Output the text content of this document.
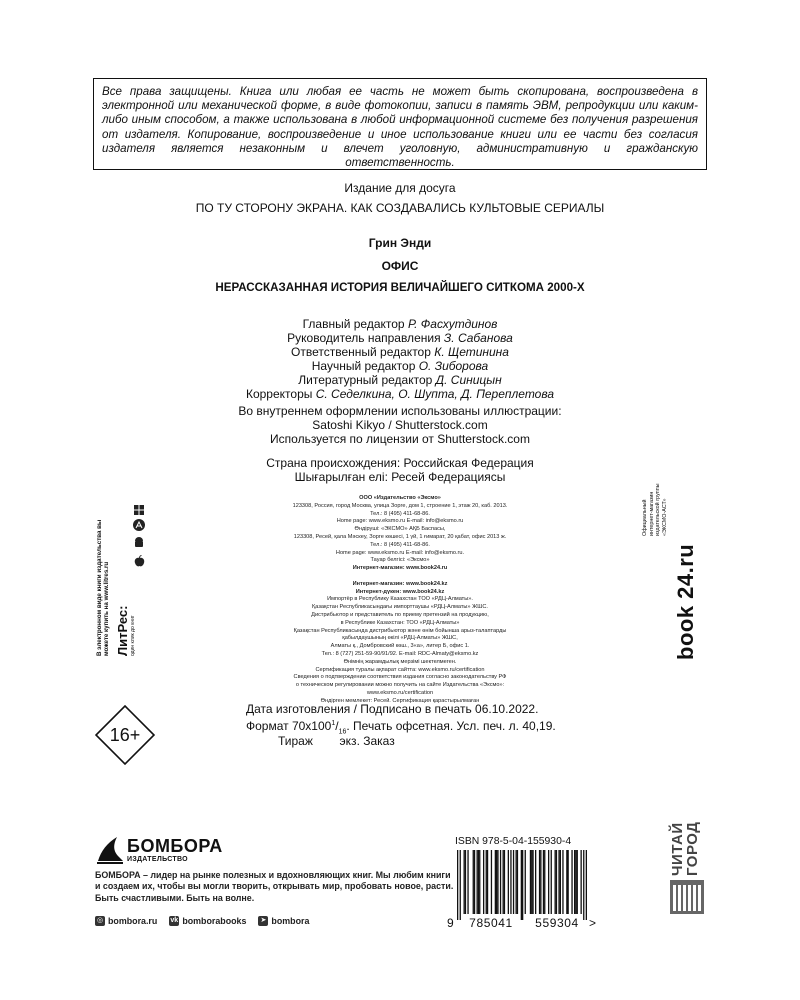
Все права защищены. Книга или любая ее часть не может быть скопирована, воспроизведена в электронной или механической форме, в виде фотокопии, записи в память ЭВМ, репродукции или каким-либо иным способом, а также использована в любой информационной системе без получения разрешения от издателя. Копирование, воспроизведение и иное использование книги или ее части без согласия издателя является незаконным и влечет уголовную, административную и гражданскую ответственность.
Издание для досуга
ПО ТУ СТОРОНУ ЭКРАНА. КАК СОЗДАВАЛИСЬ КУЛЬТОВЫЕ СЕРИАЛЫ
Грин Энди
ОФИС
НЕРАССКАЗАННАЯ ИСТОРИЯ ВЕЛИЧАЙШЕГО СИТКОМА 2000-Х
Главный редактор Р. Фасхутдинов
Руководитель направления З. Сабанова
Ответственный редактор К. Щетинина
Научный редактор О. Зиборова
Литературный редактор Д. Синицын
Корректоры С. Седелкина, О. Шупта, Д. Переплетова
Во внутреннем оформлении использованы иллюстрации:
Satoshi Kikyo / Shutterstock.com
Используется по лицензии от Shutterstock.com
Страна происхождения: Российская Федерация
Шығарылған елі: Ресей Федерациясы
ООО «Издательство «Эксмо»
123308, Россия, город Москва, улица Зорге, дом 1, строение 1, этаж 20, каб. 2013.
Тел.: 8 (495) 411-68-86.
Home page: www.eksmo.ru E-mail: info@eksmo.ru
Өндіруші: «ЭКСМО» АҚБ Баспасы,
123308, Ресей, қала Мәскеу, Зорге көшесі, 1 үй, 1 ғимарат, 20 қабат, офис 2013 ж.
Тел.: 8 (495) 411-68-86.
Home page: www.eksmo.ru E-mail: info@eksmo.ru.
Тауар белгісі: «Эксмо»
Интернет-магазин: www.book24.ru
Интернет-магазин: www.book24.kz
Интернет-дүкен: www.book24.kz
Импортёр в Республику Казахстан ТОО «РДЦ-Алматы».
Қазақстан Республикасындағы импорттаушы «РДЦ-Алматы» ЖШС.
Дистрибьютор и представитель по приему претензий на продукцию,
в Республике Казахстан: ТОО «РДЦ-Алматы»
Қазақстан Республикасында дистрибьютор және өнім бойынша арыз-талаптарды
қабылдаушының өкілі «РДЦ-Алматы» ЖШС,
Алматы қ., Домбровский көш., 3«а», литер Б, офис 1.
Тел.: 8 (727) 251-59-90/91/92. E-mail: RDC-Almaty@eksmo.kz
Өнімнің жарамдылық мерзімі шектелмеген.
Сертификация туралы ақпарат сайтта: www.eksmo.ru/certification
Сведения о подтверждении соответствия издания согласно законодательству РФ
о техническом регулировании можно получить на сайте Издательства «Эксмо»:
www.eksmo.ru/certification
Өндірген мемлекет: Ресей. Сертификация қарастырылмаған
Дата изготовления / Подписано в печать 06.10.2022.
Формат $70х100^1/_{16}$. Печать офсетная. Усл. печ. л. 40,19.
Тираж        экз. Заказ
В электронном виде книги издательства вы можете купить на www.litres.ru ЛитРес: один клик до книг
16+
Официальный интернет-магазин издательской группы «ЭКСМО-АСТ»
book 24.ru
ЧИТАЙ ГОРОД
БОМБОРА
ИЗДАТЕЛЬСТВО
БОМБОРА – лидер на рынке полезных и вдохновляющих книг. Мы любим книги и создаем их, чтобы вы могли творить, открывать мир, пробовать новое, расти. Быть счастливыми. Быть на волне.
◎ bombora.ru vk bomborabooks ➤ bombora
ISBN 978-5-04-155930-4
9	785041	559304 >
